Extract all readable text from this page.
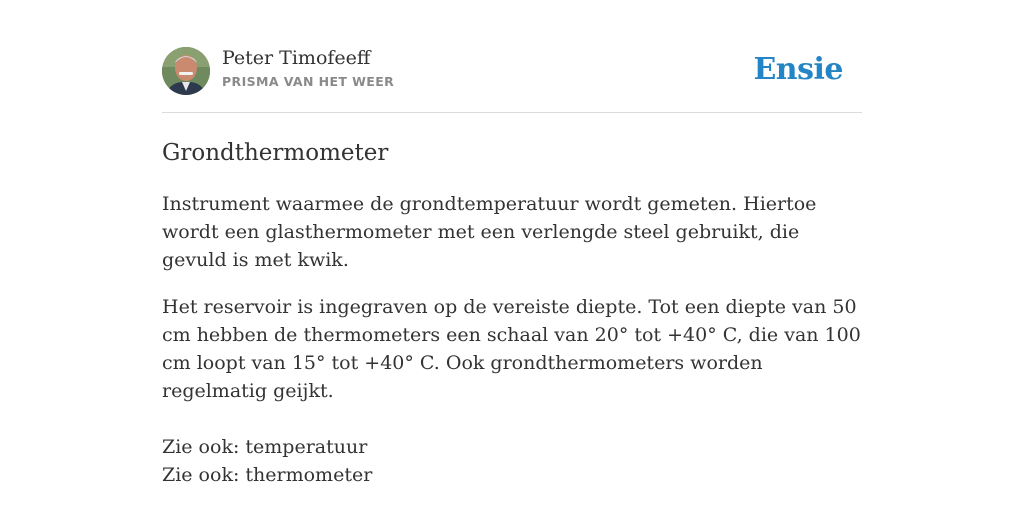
Peter Timofeeff
PRISMA VAN HET WEER	Ensie
Grondthermometer

Instrument waarmee de grondtemperatuur wordt gemeten. Hiertoe wordt een glasthermometer met een verlengde steel gebruikt, die gevuld is met kwik.

Het reservoir is ingegraven op de vereiste diepte. Tot een diepte van 50 cm hebben de thermometers een schaal van 20° tot +40° C, die van 100 cm loopt van 15° tot +40° C. Ook grondthermometers worden regelmatig geijkt.

Zie ook: temperatuur
Zie ook: thermometer
